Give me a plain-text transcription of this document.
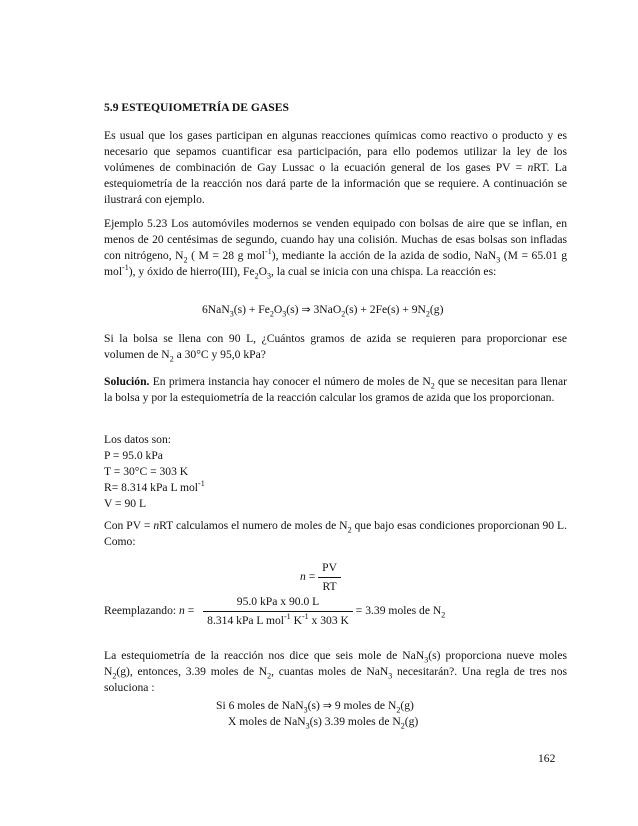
5.9 ESTEQUIOMETRÍA DE GASES
Es usual que los gases participan en algunas reacciones químicas como reactivo o producto y es necesario que sepamos cuantificar esa participación, para ello podemos utilizar la ley de los volúmenes de combinación de Gay Lussac o la ecuación general de los gases PV = nRT. La estequiometría de la reacción nos dará parte de la información que se requiere. A continuación se ilustrará con ejemplo.
Ejemplo 5.23 Los automóviles modernos se venden equipado con bolsas de aire que se inflan, en menos de 20 centésimas de segundo, cuando hay una colisión. Muchas de esas bolsas son infladas con nitrógeno, $N_2$ ( M = 28 g mol$^{-1}$), mediante la acción de la azida de sodio, NaN$_3$ (M = 65.01 g mol$^{-1}$), y óxido de hierro(III), $Fe_2O_3$, la cual se inicia con una chispa. La reacción es:
$6NaN_3(s) + Fe_2O_3(s)$ ⇒ $3NaO_2(s) + 2Fe(s) + 9N_2(g)$
Si la bolsa se llena con 90 L, ¿Cuántos gramos de azida se requieren para proporcionar ese volumen de $N_2$ a 30°C y 95,0 kPa?
Solución. En primera instancia hay conocer el número de moles de $N_2$ que se necesitan para llenar la bolsa y por la estequiometría de la reacción calcular los gramos de azida que los proporcionan.
Los datos son:
P = 95.0 kPa
T = 30°C = 303 K
R= 8.314 kPa L mol$^{-1}$
V = 90 L
Con PV = nRT calculamos el numero de moles de $N_2$ que bajo esas condiciones proporcionan 90 L. Como:
$n = \frac{PV}{RT}$
Reemplazando: $n = \frac{\text{95.0 kPa x 90.0 L}}{8.314 kPa L mol^{-1} K^{-1} x 303 K} = 3.39$ moles de $N_2$
La estequiometría de la reacción nos dice que seis mole de NaN$_3$(s) proporciona nueve moles $N_2(g)$, entonces, 3.39 moles de $N_2$, cuantas moles de NaN$_3$ necesitarán?. Una regla de tres nos soluciona :
Si 6 moles de NaN$_3$(s) ⇒ 9 moles de $N_2(g)$
X moles de NaN$_3$(s) 3.39 moles de $N_2(g)$
162
